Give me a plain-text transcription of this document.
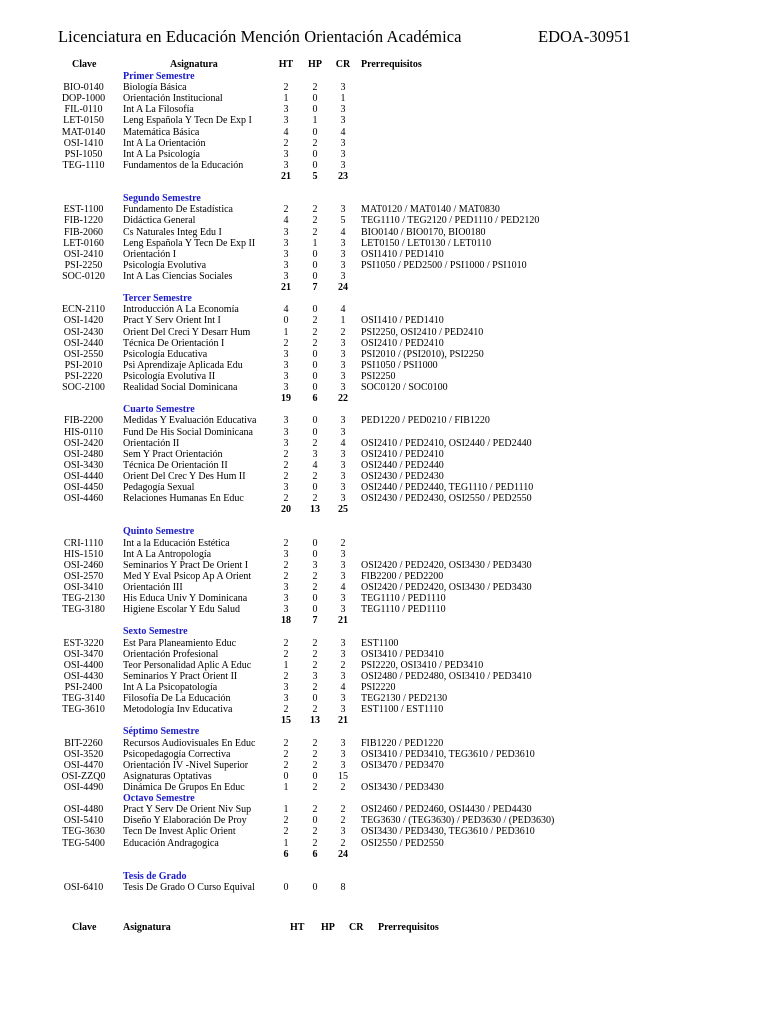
Licenciatura en Educación Mención Orientación Académica	EDOA-30951
Clave	Asignatura	HT	HP	CR Prerrequisitos
Primer Semestre
BIO-0140	Biología Básica	2	2	3
DOP-1000	Orientación Institucional	1	0	1
FIL-0110	Int A La Filosofía	3	0	3
LET-0150	Leng Española Y Tecn De Exp I	3	1	3
MAT-0140	Matemática Básica	4	0	4
OSI-1410	Int A La Orientación	2	2	3
PSI-1050	Int A La Psicología	3	0	3
TEG-1110	Fundamentos de la Educación	3	0	3
21	5	23
Segundo Semestre
EST-1100	Fundamento De Estadística	2	2	3	MAT0120 / MAT0140 / MAT0830
FIB-1220	Didáctica General	4	2	5	TEG1110 / TEG2120 / PED1110 / PED2120
FIB-2060	Cs Naturales Integ Edu I	3	2	4	BIO0140 / BIO0170, BIO0180
LET-0160	Leng Española Y Tecn De Exp II	3	1	3	LET0150 / LET0130 / LET0110
OSI-2410	Orientación I	3	0	3	OSI1410 / PED1410
PSI-2250	Psicología Evolutiva	3	0	3	PSI1050 / PED2500 / PSI1000 / PSI1010
SOC-0120	Int A Las Ciencias Sociales	3	0	3
21	7	24
Tercer Semestre
ECN-2110	Introducción A La Economía	4	0	4
OSI-1420	Pract Y Serv Orient Int I	0	2	1	OSI1410 / PED1410
OSI-2430	Orient Del Creci Y Desarr Hum	1	2	2	PSI2250, OSI2410 / PED2410
OSI-2440	Técnica De Orientación I	2	2	3	OSI2410 / PED2410
OSI-2550	Psicología Educativa	3	0	3	PSI2010 / (PSI2010), PSI2250
PSI-2010	Psi Aprendizaje Aplicada Edu	3	0	3	PSI1050 / PSI1000
PSI-2220	Psicología Evolutiva II	3	0	3	PSI2250
SOC-2100	Realidad Social Dominicana	3	0	3	SOC0120 / SOC0100
19	6	22
Cuarto Semestre
FIB-2200	Medidas Y Evaluación Educativa	3	0	3	PED1220 / PED0210 / FIB1220
HIS-0110	Fund De His Social Dominicana	3	0	3
OSI-2420	Orientación II	3	2	4	OSI2410 / PED2410, OSI2440 / PED2440
OSI-2480	Sem Y Pract Orientación	2	3	3	OSI2410 / PED2410
OSI-3430	Técnica De Orientación II	2	4	3	OSI2440 / PED2440
OSI-4440	Orient Del Crec Y Des Hum II	2	2	3	OSI2430 / PED2430
OSI-4450	Pedagogía Sexual	3	0	3	OSI2440 / PED2440, TEG1110 / PED1110
OSI-4460	Relaciones Humanas En Educ	2	2	3	OSI2430 / PED2430, OSI2550 / PED2550
20	13	25
Quinto Semestre
CRI-1110	Int a la Educación Estética	2	0	2
HIS-1510	Int A La Antropología	3	0	3
OSI-2460	Seminarios Y Pract De Orient I	2	3	3	OSI2420 / PED2420, OSI3430 / PED3430
OSI-2570	Med Y Eval Psicop Ap A Orient	2	2	3	FIB2200 / PED2200
OSI-3410	Orientación III	3	2	4	OSI2420 / PED2420, OSI3430 / PED3430
TEG-2130	His Educa Univ Y Dominicana	3	0	3	TEG1110 / PED1110
TEG-3180	Higiene Escolar Y Edu Salud	3	0	3	TEG1110 / PED1110
18	7	21
Sexto Semestre
EST-3220	Est Para Planeamiento Educ	2	2	3	EST1100
OSI-3470	Orientación Profesional	2	2	3	OSI3410 / PED3410
OSI-4400	Teor Personalidad Aplic A Educ	1	2	2	PSI2220, OSI3410 / PED3410
OSI-4430	Seminarios Y Pract Orient II	2	3	3	OSI2480 / PED2480, OSI3410 / PED3410
PSI-2400	Int A La Psicopatología	3	2	4	PSI2220
TEG-3140	Filosofía De La Educación	3	0	3	TEG2130 / PED2130
TEG-3610	Metodología Inv Educativa	2	2	3	EST1100 / EST1110
15	13	21
Séptimo Semestre
BIT-2260	Recursos Audiovisuales En Educ	2	2	3	FIB1220 / PED1220
OSI-3520	Psicopedagogía Correctiva	2	2	3	OSI3410 / PED3410, TEG3610 / PED3610
OSI-4470	Orientación IV -Nivel Superior	2	2	3	OSI3470 / PED3470
OSI-ZZQ0	Asignaturas Optativas	0	0	15
OSI-4490	Dinámica De Grupos En Educ	1	2	2	OSI3430 / PED3430
Octavo Semestre
OSI-4480	Pract Y Serv De Orient Niv Sup	1	2	2	OSI2460 / PED2460, OSI4430 / PED4430
OSI-5410	Diseño Y Elaboración De Proy	2	0	2	TEG3630 / (TEG3630) / PED3630 / (PED3630)
TEG-3630	Tecn De Invest Aplic Orient	2	2	3	OSI3430 / PED3430, TEG3610 / PED3610
TEG-5400	Educación Andragogica	1	2	2	OSI2550 / PED2550
6	6	24
Tesis de Grado
OSI-6410	Tesis De Grado O Curso Equival	0	0	8
Clave	Asignatura	HT HP CR Prerrequisitos
